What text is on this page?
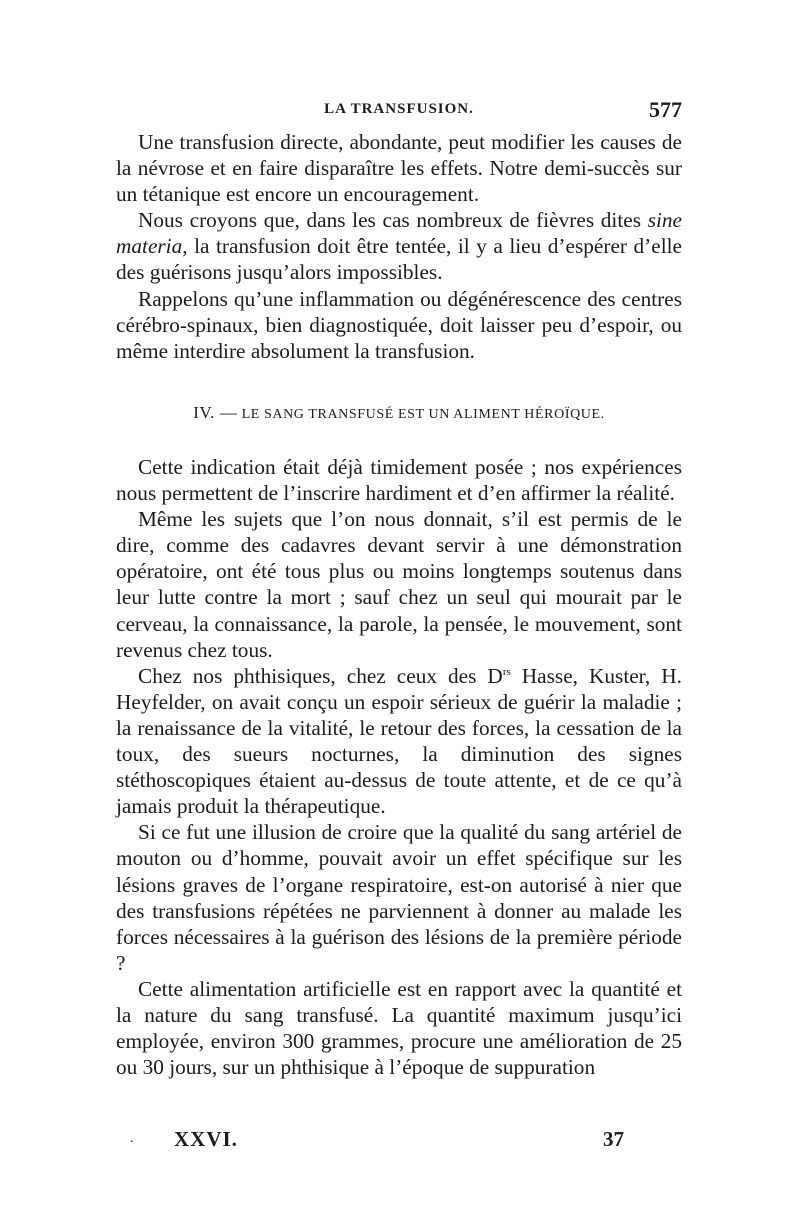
LA TRANSFUSION.	577

Une transfusion directe, abondante, peut modifier les causes de la névrose et en faire disparaître les effets. Notre demi-succès sur un tétanique est encore un encouragement.

Nous croyons que, dans les cas nombreux de fièvres dites sine materia, la transfusion doit être tentée, il y a lieu d’espérer d’elle des guérisons jusqu’alors impossibles.

Rappelons qu’une inflammation ou dégénérescence des centres cérébro-spinaux, bien diagnostiquée, doit laisser peu d’espoir, ou même interdire absolument la transfusion.

IV. — LE SANG TRANSFUSÉ EST UN ALIMENT HÉROÏQUE.

Cette indication était déjà timidement posée ; nos expériences nous permettent de l’inscrire hardiment et d’en affirmer la réalité.

Même les sujets que l’on nous donnait, s’il est permis de le dire, comme des cadavres devant servir à une démonstration opératoire, ont été tous plus ou moins longtemps soutenus dans leur lutte contre la mort ; sauf chez un seul qui mourait par le cerveau, la connaissance, la parole, la pensée, le mouvement, sont revenus chez tous.

Chez nos phthisiques, chez ceux des $D^{rs}$ Hasse, Kuster, H. Heyfelder, on avait conçu un espoir sérieux de guérir la maladie ; la renaissance de la vitalité, le retour des forces, la cessation de la toux, des sueurs nocturnes, la diminution des signes stéthoscopiques étaient au-dessus de toute attente, et de ce qu’à jamais produit la thérapeutique.

Si ce fut une illusion de croire que la qualité du sang artériel de mouton ou d’homme, pouvait avoir un effet spécifique sur les lésions graves de l’organe respiratoire, est-on autorisé à nier que des transfusions répétées ne parviennent à donner au malade les forces nécessaires à la guérison des lésions de la première période ?

Cette alimentation artificielle est en rapport avec la quantité et la nature du sang transfusé. La quantité maximum jusqu’ici employée, environ 300 grammes, procure une amélioration de 25 ou 30 jours, sur un phthisique à l’époque de suppuration

. XXVI.	37
